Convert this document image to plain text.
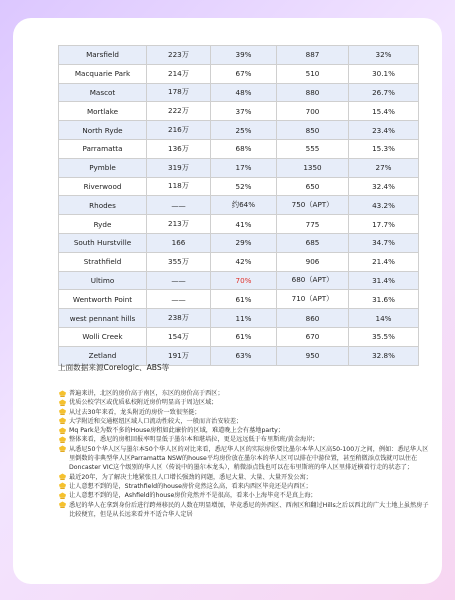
Marsfield	223万	39%	887	32%
Macquarie Park	214万	67%	510	30.1%
Mascot	178万	48%	880	26.7%
Mortlake	222万	37%	700	15.4%
North Ryde	216万	25%	850	23.4%
Parramatta	136万	68%	555	15.3%
Pymble	319万	17%	1350	27%
Riverwood	118万	52%	650	32.4%
Rhodes	——	约64%	750（APT）	43.2%
Ryde	213万	41%	775	17.7%
South Hurstville	166	29%	685	34.7%
Strathfield	355万	42%	906	21.4%
Ultimo	——	70%	680（APT）	31.4%
Wentworth Point	——	61%	710（APT）	31.6%
west pennant hills	238万	11%	860	14%
Wolli Creek	154万	61%	670	35.5%
Zetland	191万	63%	950	32.8%
上面数据来源Corelogic、ABS等
普遍来讲，北区的房价高于南区，东区的房价高于西区；
优质公校学区或优质私校附近房价明显高于周边区域；
从过去30年来看，龙头附近的房价一致很坚挺；
大学附近和交通枢纽区域人口流动性较大，一般而言治安较差；
Mq Park是为数不多的House房租如此廉价的区域，难道晚上会有墓地party；
整体来看，悉尼的房租回报率明显低于墨尔本和堪培拉，更是远远低于布里斯班/黄金海岸；
从悉尼50个华人区与墨尔本50个华人区的对比来看，悉尼华人区的实际房价要比墨尔本华人区高50-100万之间，例如：悉尼华人区里倒数的非典型华人区Parramatta NSW的house平均房价放在墨尔本的华人区可以排在中游位置，甚至稍微添点钱就可以住在Doncaster VIC这个级别的华人区（传说中的墨尔本龙头），稍微添点钱也可以在布里斯班的华人区里排近横着行走的状态了；
最近20年，为了解决土地紧张且人口增长强劲的问题，悉尼大量、大量、大量开发公寓；
让人意想不到的是，Strathfield的house房价竟然这么高，看来内西区毕竟还是内西区；
让人意想不到的是，Ashfield的house房价竟然并不是很高，看来小上海毕竟不是真上海；
悉尼的华人在拿到身份后进行跨州移民的人数在明显增加，毕竟悉尼的外西区、西南区和翻过Hills之后以西北的广大土地上虽然房子比较便宜，但是从长远来看并不适合华人定居
